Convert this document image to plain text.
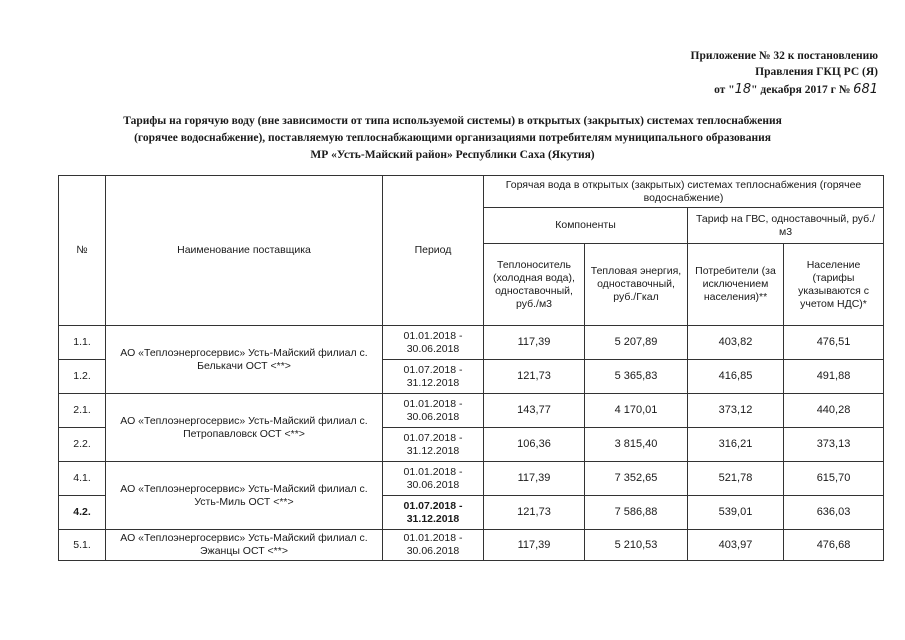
Приложение № 32 к постановлению
Правления ГКЦ РС (Я)
от "18" декабря 2017 г № 681
Тарифы на горячую воду (вне зависимости от типа используемой системы) в открытых (закрытых) системах теплоснабжения
(горячее водоснабжение), поставляемую теплоснабжающими организациями потребителям муниципального образования
МР «Усть-Майский район» Республики Саха (Якутия)
№	Наименование поставщика	Период	Горячая вода в открытых (закрытых) системах теплоснабжения (горячее водоснабжение)			
			Компоненты		Тариф на ГВС, одноставочный, руб./м3	
			Теплоноситель (холодная вода), одноставочный, руб./м3	Тепловая энергия, одноставочный, руб./Гкал	Потребители (за исключением населения)**	Население (тарифы указываются с учетом НДС)*
1.1.	АО «Теплоэнергосервис» Усть-Майский филиал с. Белькачи ОСТ <**>	01.01.2018 - 30.06.2018	117,39	5 207,89	403,82	476,51
1.2.		01.07.2018 - 31.12.2018	121,73	5 365,83	416,85	491,88
2.1.	АО «Теплоэнергосервис» Усть-Майский филиал с. Петропавловск ОСТ <**>	01.01.2018 - 30.06.2018	143,77	4 170,01	373,12	440,28
2.2.		01.07.2018 - 31.12.2018	106,36	3 815,40	316,21	373,13
4.1.	АО «Теплоэнергосервис» Усть-Майский филиал с. Усть-Миль ОСТ <**>	01.01.2018 - 30.06.2018	117,39	7 352,65	521,78	615,70
4.2.		01.07.2018 - 31.12.2018	121,73	7 586,88	539,01	636,03
5.1.	АО «Теплоэнергосервис» Усть-Майский филиал с. Эжанцы ОСТ <**>	01.01.2018 - 30.06.2018	117,39	5 210,53	403,97	476,68
